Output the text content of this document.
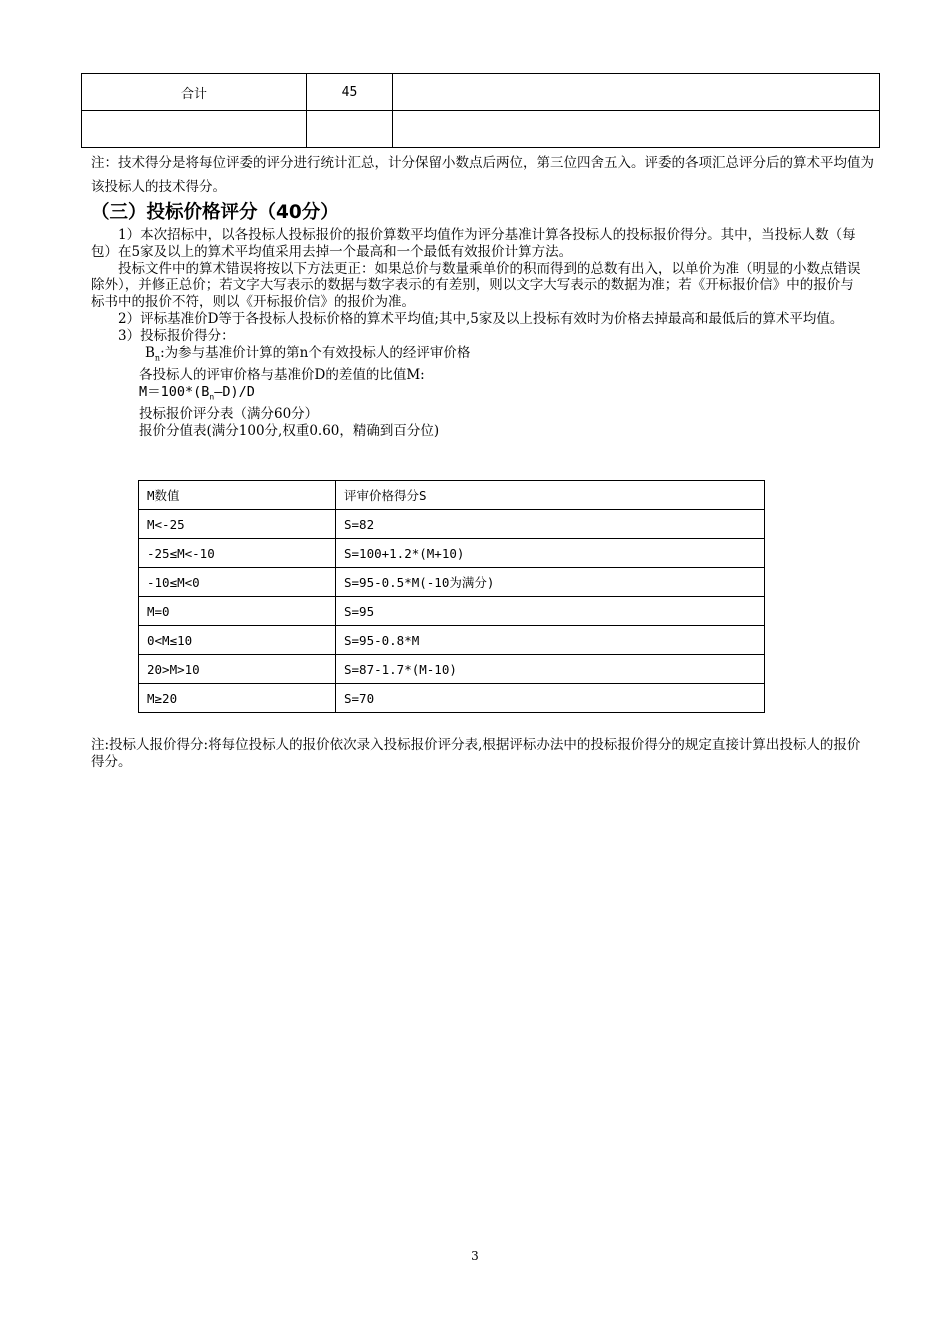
合计	45	

注：技术得分是将每位评委的评分进行统计汇总，计分保留小数点后两位，第三位四舍五入。评委的各项汇总评分后的算术平均值为该投标人的技术得分。
（三）投标价格评分（40分）

1）本次招标中，以各投标人投标报价的报价算数平均值作为评分基准计算各投标人的投标报价得分。其中，当投标人数（每包）在5家及以上的算术平均值采用去掉一个最高和一个最低有效报价计算方法。

投标文件中的算术错误将按以下方法更正：如果总价与数量乘单价的积而得到的总数有出入，以单价为准（明显的小数点错误除外），并修正总价；若文字大写表示的数据与数字表示的有差别，则以文字大写表示的数据为准；若《开标报价信》中的报价与标书中的报价不符，则以《开标报价信》的报价为准。

2）评标基准价D等于各投标人投标价格的算术平均值;其中,5家及以上投标有效时为价格去掉最高和最低后的算术平均值。

3）投标报价得分：

$B_n$:为参与基准价计算的第n个有效投标人的经评审价格

各投标人的评审价格与基准价D的差值的比值M:

$M=100*(B_n—D)/D$

投标报价评分表（满分60分）

报价分值表(满分100分,权重0.60，精确到百分位)

M数值	评审价格得分S
M<-25	S=82
-25≤M<-10	S=100+1.2*(M+10)
-10≤M<0	S=95-0.5*M(-10为满分)
M=0	S=95
0<M≤10	S=95-0.8*M
20>M>10	S=87-1.7*(M-10)
M≥20	S=70
注:投标人报价得分:将每位投标人的报价依次录入投标报价评分表,根据评标办法中的投标报价得分的规定直接计算出投标人的报价得分。
3
